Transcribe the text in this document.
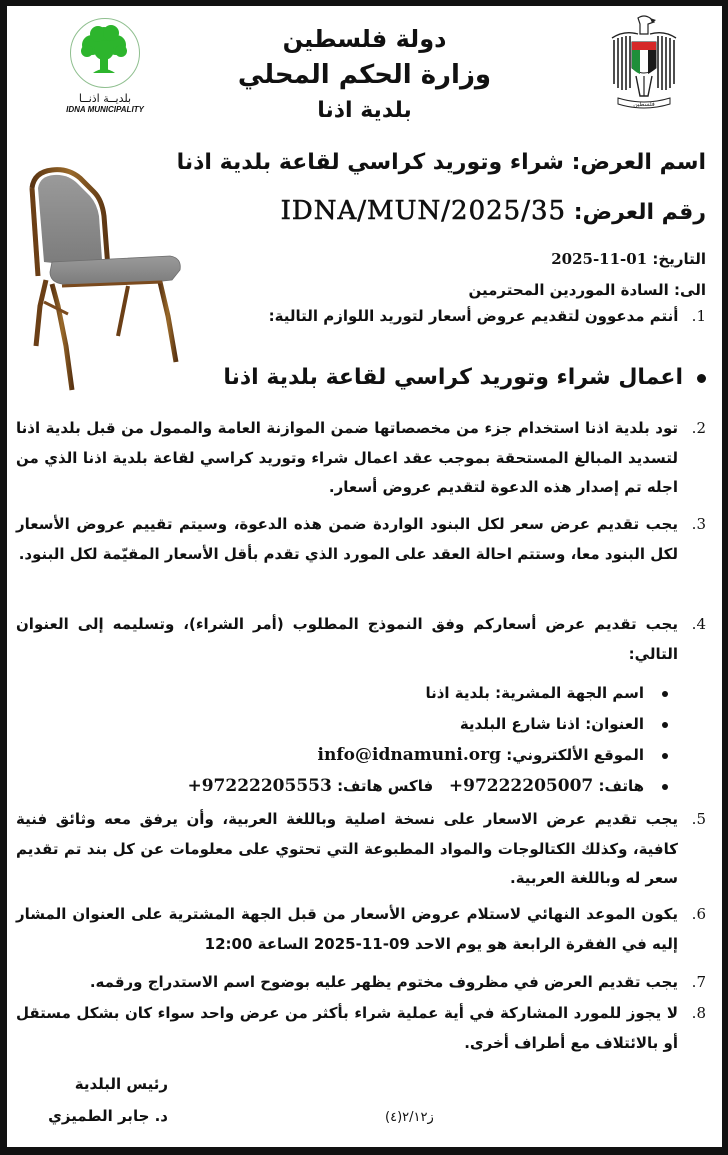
بلديــة اذنــا
IDNA MUNICIPALITY
دولة فلسطين
وزارة الحكم المحلي
بلدية اذنا	فلسطين
اسم العرض: شراء وتوريد كراسي لقاعة بلدية اذنا
رقم العرض: IDNA/MUN/2025/35
التاريخ: 2025-11-01
الى: السادة الموردين المحترمين
1. أنتم مدعوون لتقديم عروض أسعار لتوريد اللوازم التالية:
اعمال شراء وتوريد كراسي لقاعة بلدية اذنا
2.
تود بلدية اذنا استخدام جزء من مخصصاتها ضمن الموازنة العامة والممول من قبل بلدية اذنا لتسديد المبالغ المستحقة بموجب عقد اعمال شراء وتوريد كراسي لقاعة بلدية اذنا الذي من اجله تم إصدار هذه الدعوة لتقديم عروض أسعار.
3.
يجب تقديم عرض سعر لكل البنود الواردة ضمن هذه الدعوة، وسيتم تقييم عروض الأسعار لكل البنود معا، وستتم احالة العقد على المورد الذي تقدم بأقل الأسعار المقيّمة لكل البنود.
4.
يجب تقديم عرض أسعاركم وفق النموذج المطلوب (أمر الشراء)، وتسليمه إلى العنوان التالي:
اسم الجهة المشرية: بلدية اذنا
العنوان: اذنا شارع البلدية
الموقع الألكتروني: info@idnamuni.org
هاتف: +97222205007   فاكس هاتف: +97222205553
5.
يجب تقديم عرض الاسعار على نسخة اصلية وباللغة العربية، وأن يرفق معه وثائق فنية كافية، وكذلك الكتالوجات والمواد المطبوعة التي تحتوي على معلومات عن كل بند تم تقديم سعر له وباللغة العربية.
6.
يكون الموعد النهائي لاستلام عروض الأسعار من قبل الجهة المشترية على العنوان المشار إليه في الفقرة الرابعة هو يوم الاحد 09-11-2025 الساعة 12:00
7.
يجب تقديم العرض في مظروف مختوم يظهر عليه بوضوح اسم الاستدراج ورقمه.
8.
لا يجوز للمورد المشاركة في أية عملية شراء بأكثر من عرض واحد سواء كان بشكل مستقل أو بالائتلاف مع أطراف أخرى.
رئيس البلدية
د. جابر الطميزي	ز٢/١٢(٤)
